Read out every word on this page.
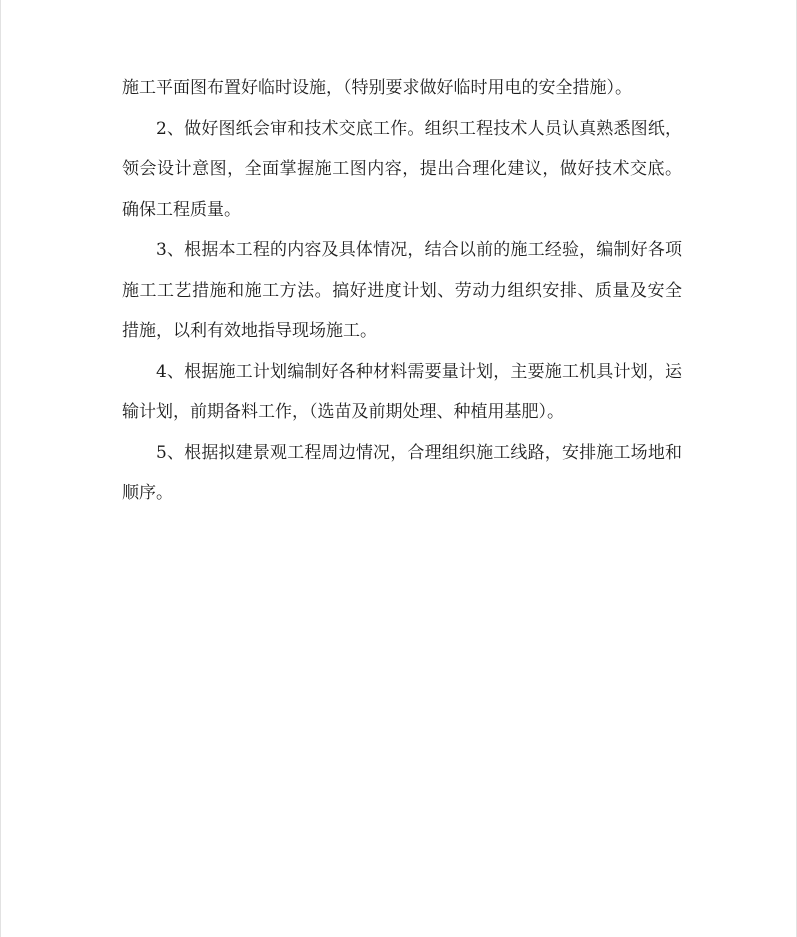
施工平面图布置好临时设施，（特别要求做好临时用电的安全措施）。

2、做好图纸会审和技术交底工作。组织工程技术人员认真熟悉图纸，领会设计意图，全面掌握施工图内容，提出合理化建议，做好技术交底。确保工程质量。

3、根据本工程的内容及具体情况，结合以前的施工经验，编制好各项施工工艺措施和施工方法。搞好进度计划、劳动力组织安排、质量及安全措施，以利有效地指导现场施工。

4、根据施工计划编制好各种材料需要量计划，主要施工机具计划，运输计划，前期备料工作，（选苗及前期处理、种植用基肥）。

5、根据拟建景观工程周边情况，合理组织施工线路，安排施工场地和顺序。
